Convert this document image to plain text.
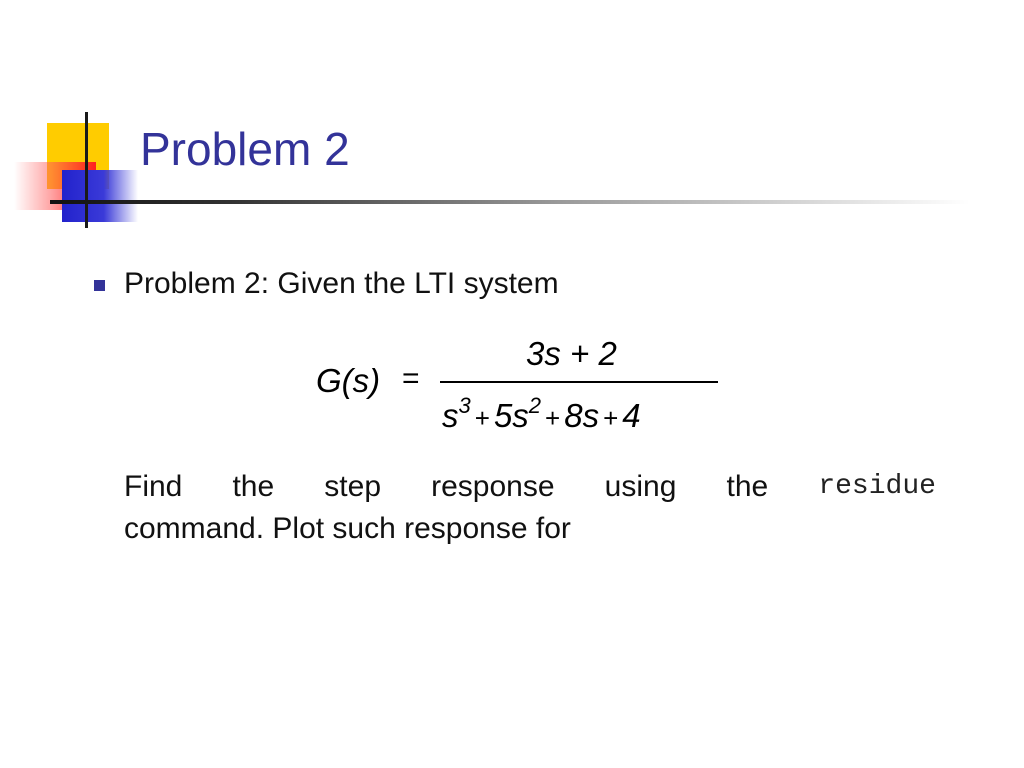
Problem 2
Problem 2: Given the LTI system
G(s) =
3s + 2
$s^3 + 5s^2 + 8s + 4$
Find the step response using the residue
command. Plot such response for
